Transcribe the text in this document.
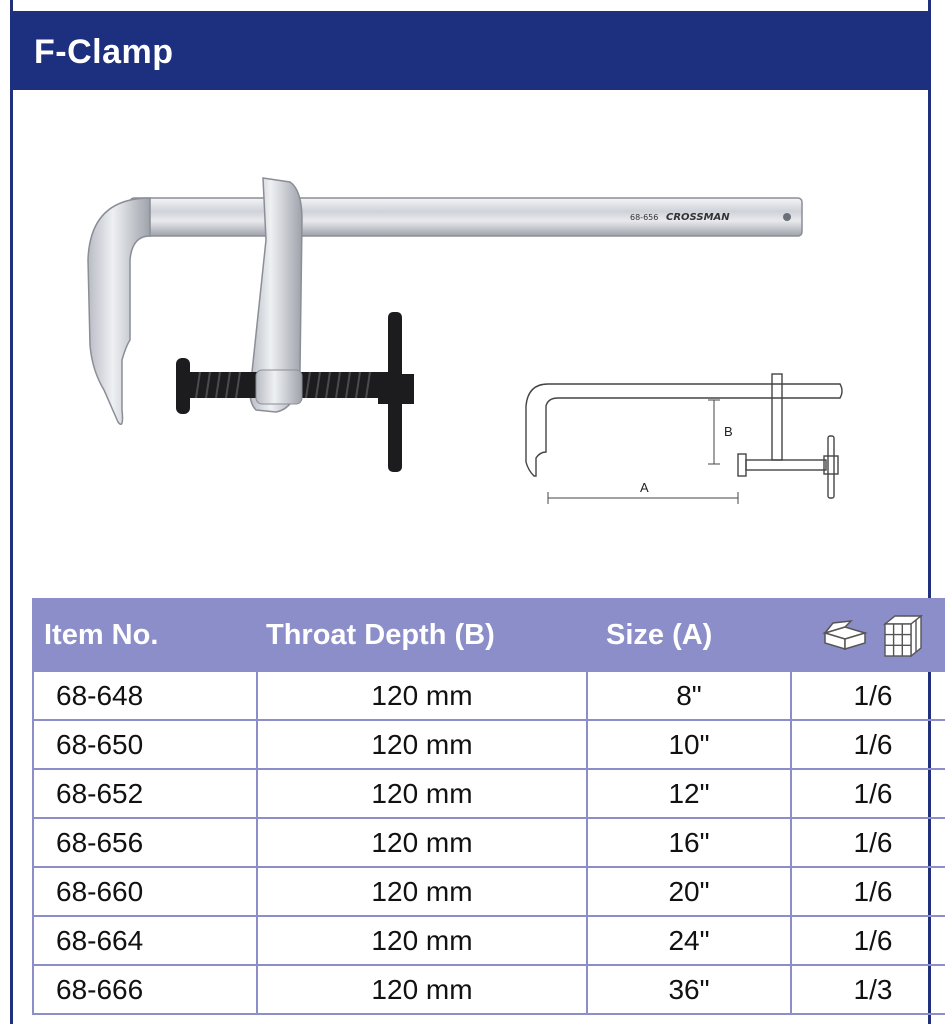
F-Clamp
68-656 CROSSMAN
B
A
Item No.	Throat Depth (B)	Size (A)	

68-648	120 mm	8"	1/6
68-650	120 mm	10"	1/6
68-652	120 mm	12"	1/6
68-656	120 mm	16"	1/6
68-660	120 mm	20"	1/6
68-664	120 mm	24"	1/6
68-666	120 mm	36"	1/3
